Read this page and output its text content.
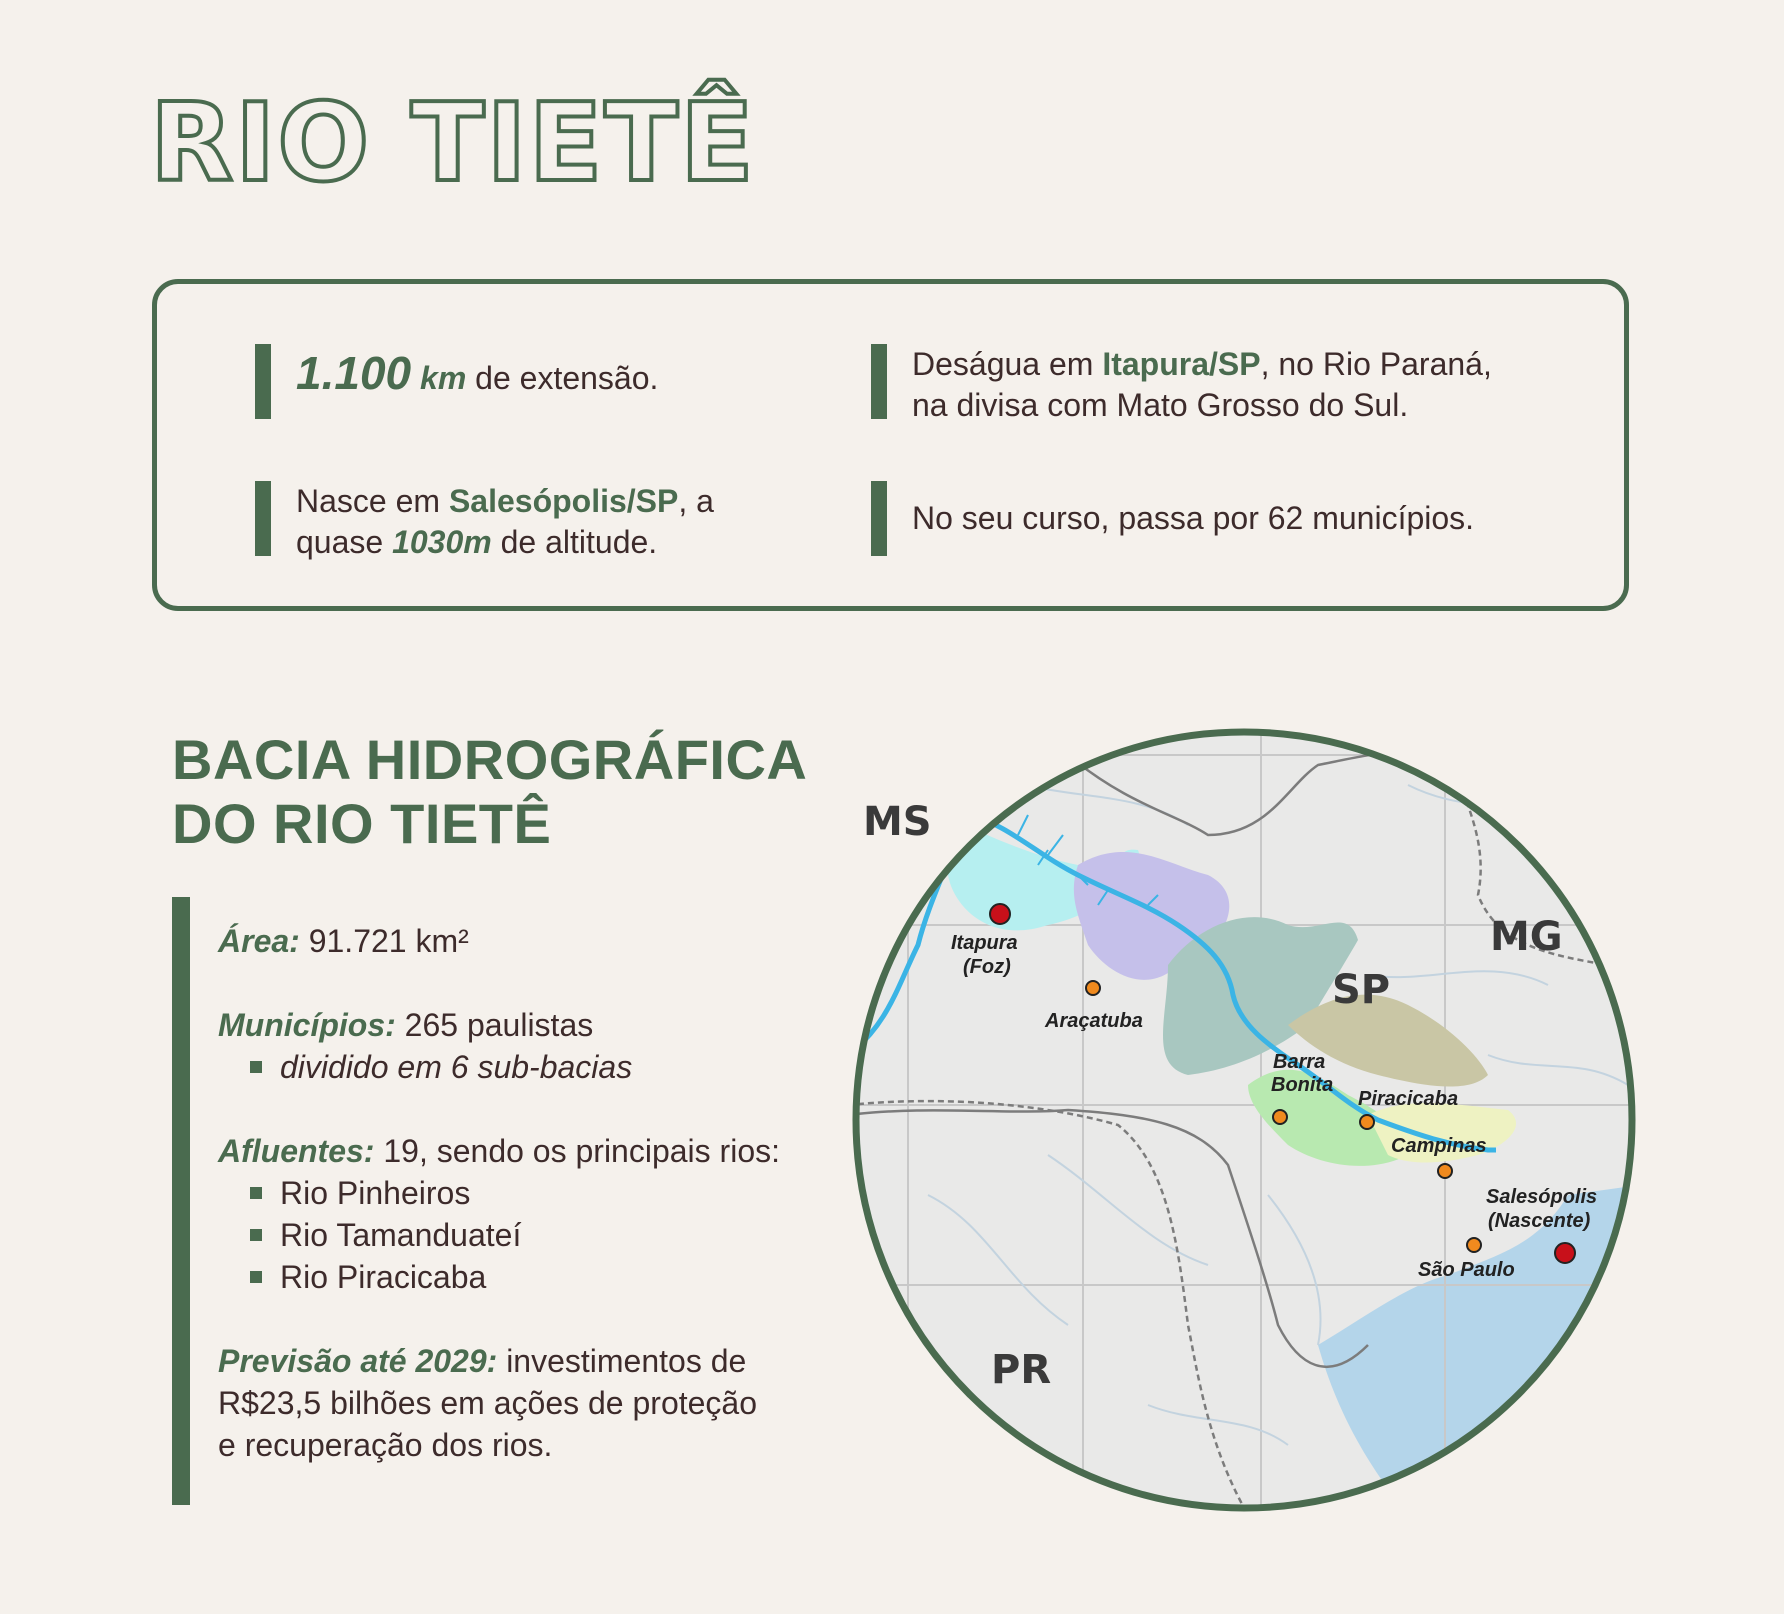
RIO TIETÊ
1.100 km de extensão.
Nasce em Salesópolis/SP, a
quase 1030m de altitude.
Deságua em Itapura/SP, no Rio Paraná,
na divisa com Mato Grosso do Sul.
No seu curso, passa por 62 municípios.
BACIA HIDROGRÁFICA
DO RIO TIETÊ

Área: 91.721 km²

Municípios: 265 paulistas

dividido em 6 sub-bacias

Afluentes: 19, sendo os principais rios:

Rio Pinheiros
Rio Tamanduateí
Rio Piracicaba

Previsão até 2029: investimentos de

R$23,5 bilhões em ações de proteção

e recuperação dos rios.

MS
MG
SP
PR
Itapura
(Foz)
Araçatuba
Barra
Bonita
Piracicaba
Campinas
Salesópolis
(Nascente)
São Paulo
